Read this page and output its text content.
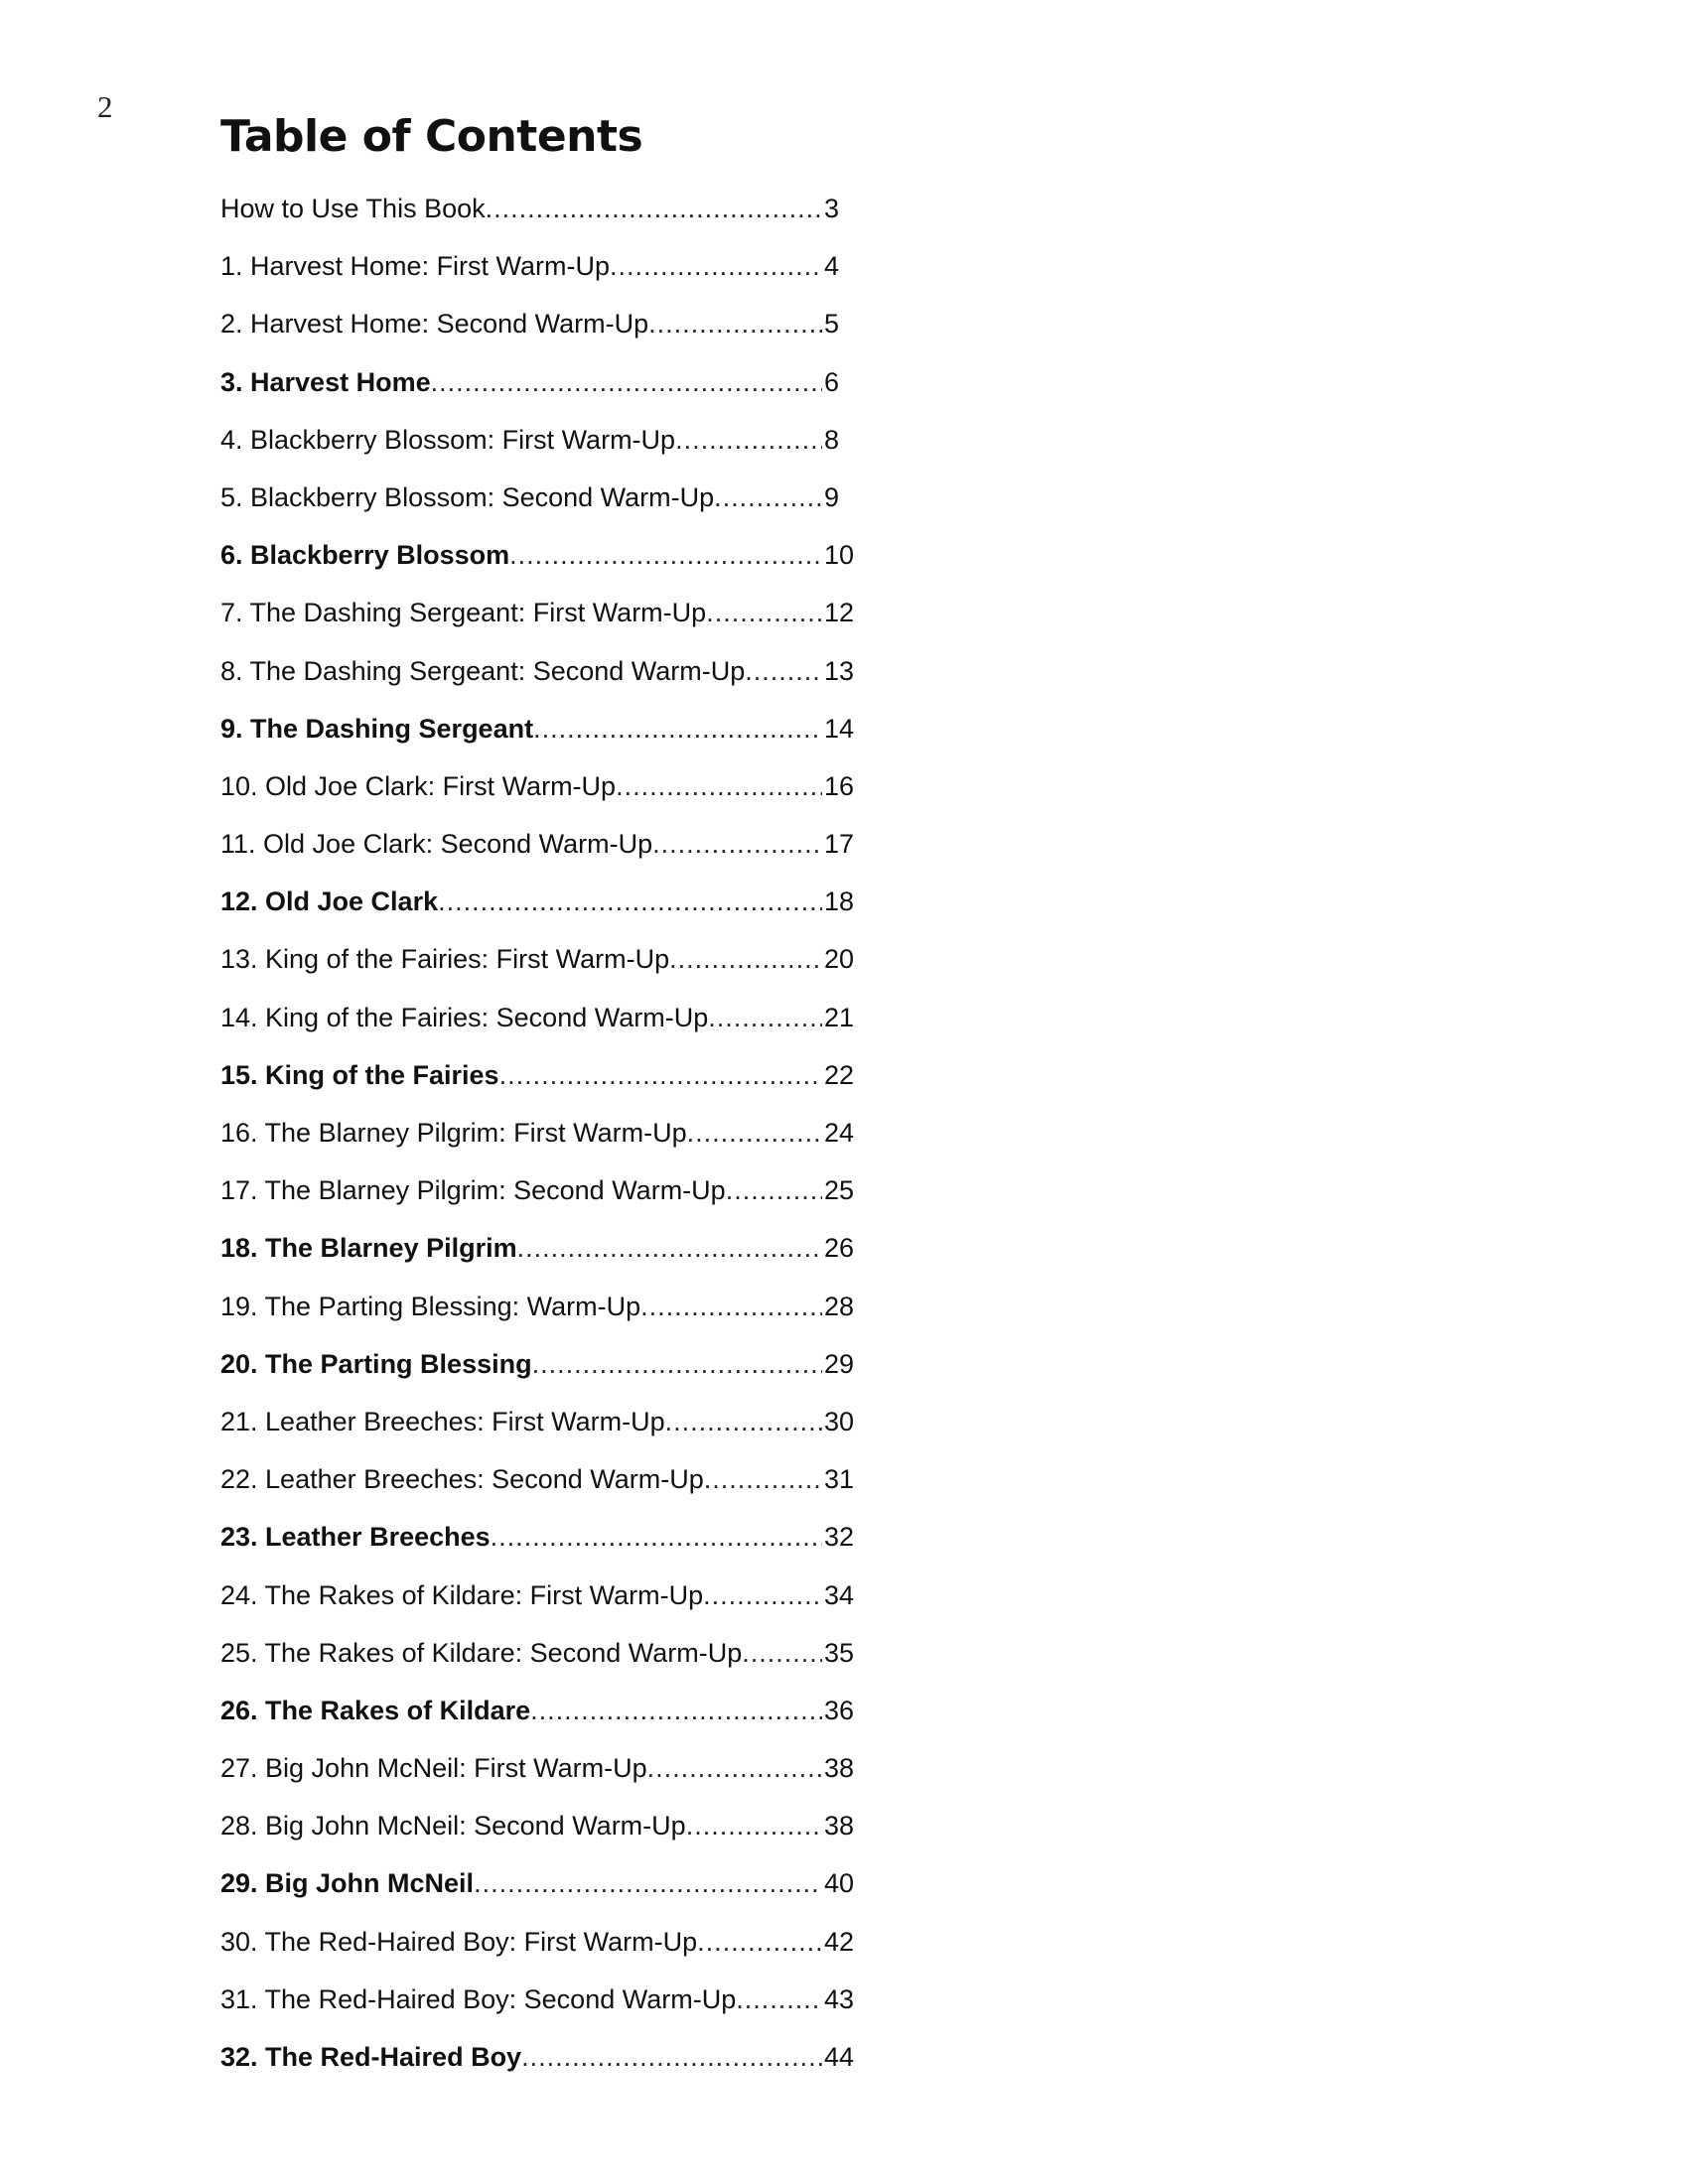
2
Table of Contents
How to Use This Book .....	3
1. Harvest Home: First Warm-Up .....	4
2. Harvest Home: Second Warm-Up .....	5
3. Harvest Home .....	6
4. Blackberry Blossom: First Warm-Up .....	8
5. Blackberry Blossom: Second Warm-Up .....	9
6. Blackberry Blossom .....	10
7. The Dashing Sergeant: First Warm-Up .....	12
8. The Dashing Sergeant: Second Warm-Up .....	13
9. The Dashing Sergeant .....	14
10. Old Joe Clark: First Warm-Up .....	16
11. Old Joe Clark: Second Warm-Up .....	17
12. Old Joe Clark .....	18
13. King of the Fairies: First Warm-Up .....	20
14. King of the Fairies: Second Warm-Up .....	21
15. King of the Fairies .....	22
16. The Blarney Pilgrim: First Warm-Up .....	24
17. The Blarney Pilgrim: Second Warm-Up .....	25
18. The Blarney Pilgrim .....	26
19. The Parting Blessing: Warm-Up .....	28
20. The Parting Blessing .....	29
21. Leather Breeches: First Warm-Up .....	30
22. Leather Breeches: Second Warm-Up .....	31
23. Leather Breeches .....	32
24. The Rakes of Kildare: First Warm-Up .....	34
25. The Rakes of Kildare: Second Warm-Up .....	35
26. The Rakes of Kildare .....	36
27. Big John McNeil: First Warm-Up .....	38
28. Big John McNeil: Second Warm-Up .....	38
29. Big John McNeil .....	40
30. The Red-Haired Boy: First Warm-Up .....	42
31. The Red-Haired Boy: Second Warm-Up .....	43
32. The Red-Haired Boy .....	44
